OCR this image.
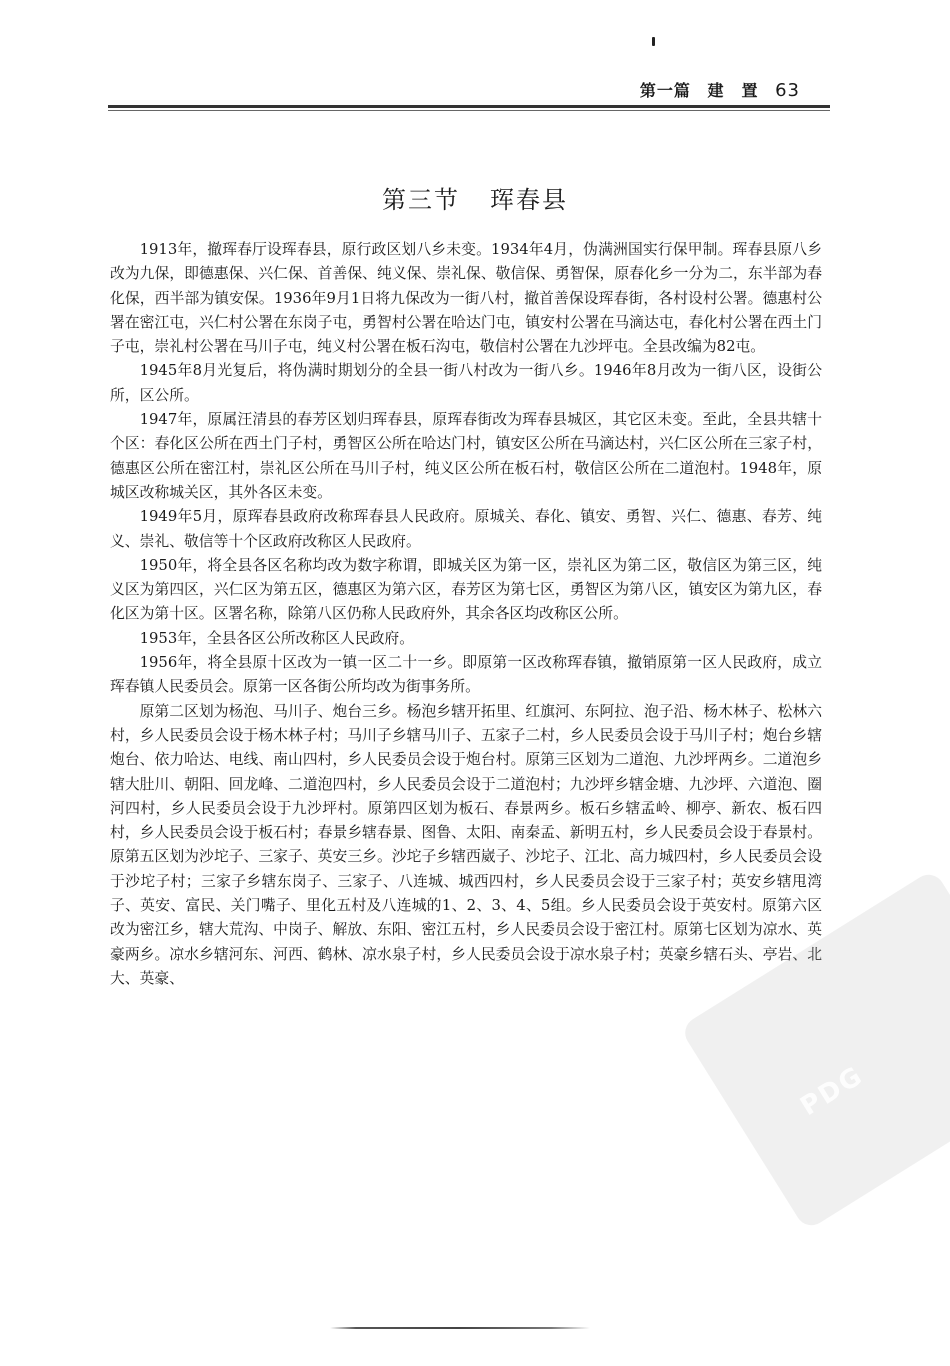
第一篇 建　置 63
第三节 珲春县

1913年，撤珲春厅设珲春县，原行政区划八乡未变。1934年4月，伪满洲国实行保甲制。珲春县原八乡改为九保，即德惠保、兴仁保、首善保、纯义保、崇礼保、敬信保、勇智保，原春化乡一分为二，东半部为春化保，西半部为镇安保。1936年9月1日将九保改为一街八村，撤首善保设珲春街，各村设村公署。德惠村公署在密江屯，兴仁村公署在东岗子屯，勇智村公署在哈达门屯，镇安村公署在马滴达屯，春化村公署在西土门子屯，崇礼村公署在马川子屯，纯义村公署在板石沟屯，敬信村公署在九沙坪屯。全县改编为82屯。

1945年8月光复后，将伪满时期划分的全县一街八村改为一街八乡。1946年8月改为一街八区，设街公所，区公所。

1947年，原属汪清县的春芳区划归珲春县，原珲春街改为珲春县城区，其它区未变。至此，全县共辖十个区：春化区公所在西土门子村，勇智区公所在哈达门村，镇安区公所在马滴达村，兴仁区公所在三家子村，德惠区公所在密江村，崇礼区公所在马川子村，纯义区公所在板石村，敬信区公所在二道泡村。1948年，原城区改称城关区，其外各区未变。

1949年5月，原珲春县政府改称珲春县人民政府。原城关、春化、镇安、勇智、兴仁、德惠、春芳、纯义、崇礼、敬信等十个区政府改称区人民政府。

1950年，将全县各区名称均改为数字称谓，即城关区为第一区，崇礼区为第二区，敬信区为第三区，纯义区为第四区，兴仁区为第五区，德惠区为第六区，春芳区为第七区，勇智区为第八区，镇安区为第九区，春化区为第十区。区署名称，除第八区仍称人民政府外，其余各区均改称区公所。

1953年，全县各区公所改称区人民政府。

1956年，将全县原十区改为一镇一区二十一乡。即原第一区改称珲春镇，撤销原第一区人民政府，成立珲春镇人民委员会。原第一区各街公所均改为街事务所。

原第二区划为杨泡、马川子、炮台三乡。杨泡乡辖开拓里、红旗河、东阿拉、泡子沿、杨木林子、松林六村，乡人民委员会设于杨木林子村；马川子乡辖马川子、五家子二村，乡人民委员会设于马川子村；炮台乡辖炮台、依力哈达、电线、南山四村，乡人民委员会设于炮台村。原第三区划为二道泡、九沙坪两乡。二道泡乡辖大肚川、朝阳、回龙峰、二道泡四村，乡人民委员会设于二道泡村；九沙坪乡辖金塘、九沙坪、六道泡、圈河四村，乡人民委员会设于九沙坪村。原第四区划为板石、春景两乡。板石乡辖孟岭、柳亭、新农、板石四村，乡人民委员会设于板石村；春景乡辖春景、图鲁、太阳、南秦孟、新明五村，乡人民委员会设于春景村。原第五区划为沙坨子、三家子、英安三乡。沙坨子乡辖西崴子、沙坨子、江北、高力城四村，乡人民委员会设于沙坨子村；三家子乡辖东岗子、三家子、八连城、城西四村，乡人民委员会设于三家子村；英安乡辖甩湾子、英安、富民、关门嘴子、里化五村及八连城的1、2、3、4、5组。乡人民委员会设于英安村。原第六区改为密江乡，辖大荒沟、中岗子、解放、东阳、密江五村，乡人民委员会设于密江村。原第七区划为凉水、英豪两乡。凉水乡辖河东、河西、鹤林、凉水泉子村，乡人民委员会设于凉水泉子村；英豪乡辖石头、亭岩、北大、英豪、

PDG
